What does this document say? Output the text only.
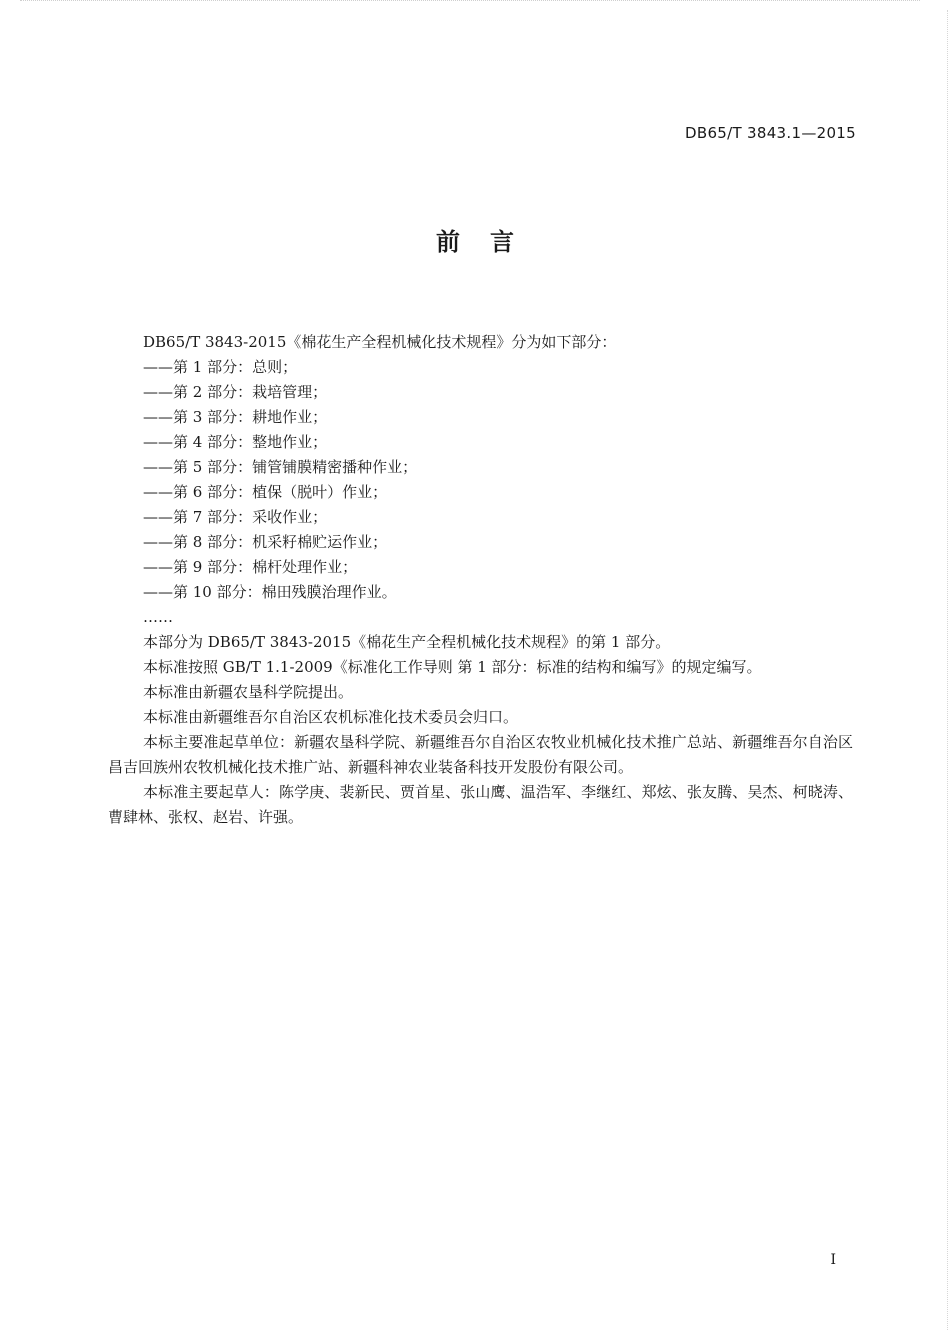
DB65/T 3843.1—2015
前言

DB65/T 3843-2015《棉花生产全程机械化技术规程》分为如下部分：

——第 1 部分：总则；

——第 2 部分：栽培管理；

——第 3 部分：耕地作业；

——第 4 部分：整地作业；

——第 5 部分：铺管铺膜精密播种作业；

——第 6 部分：植保（脱叶）作业；

——第 7 部分：采收作业；

——第 8 部分：机采籽棉贮运作业；

——第 9 部分：棉杆处理作业；

——第 10 部分：棉田残膜治理作业。

……

本部分为 DB65/T 3843-2015《棉花生产全程机械化技术规程》的第 1 部分。

本标准按照 GB/T 1.1-2009《标准化工作导则 第 1 部分：标准的结构和编写》的规定编写。

本标准由新疆农垦科学院提出。

本标准由新疆维吾尔自治区农机标准化技术委员会归口。

本标主要准起草单位：新疆农垦科学院、新疆维吾尔自治区农牧业机械化技术推广总站、新疆维吾尔自治区昌吉回族州农牧机械化技术推广站、新疆科神农业装备科技开发股份有限公司。

本标准主要起草人：陈学庚、裴新民、贾首星、张山鹰、温浩军、李继红、郑炫、张友腾、吴杰、柯晓涛、曹肆林、张权、赵岩、许强。

I
